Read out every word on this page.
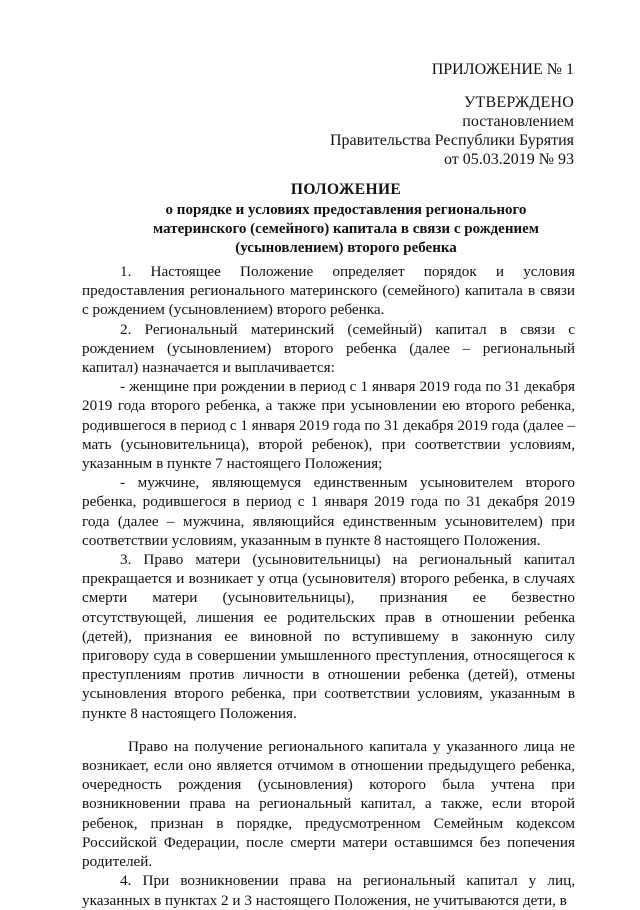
ПРИЛОЖЕНИЕ № 1
УТВЕРЖДЕНО
постановлением
Правительства Республики Бурятия
от 05.03.2019 № 93
ПОЛОЖЕНИЕ
о порядке и условиях предоставления регионального
материнского (семейного) капитала в связи с рождением
(усыновлением) второго ребенка

1. Настоящее Положение определяет порядок и условия предоставления регионального материнского (семейного) капитала в связи с рождением (усыновлением) второго ребенка.

2. Региональный материнский (семейный) капитал в связи с рождением (усыновлением) второго ребенка (далее – региональный капитал) назначается и выплачивается:

- женщине при рождении в период с 1 января 2019 года по 31 декабря 2019 года второго ребенка, а также при усыновлении ею второго ребенка, родившегося в период с 1 января 2019 года по 31 декабря 2019 года (далее – мать (усыновительница), второй ребенок), при соответствии условиям, указанным в пункте 7 настоящего Положения;

- мужчине, являющемуся единственным усыновителем второго ребенка, родившегося в период с 1 января 2019 года по 31 декабря 2019 года (далее – мужчина, являющийся единственным усыновителем) при соответствии условиям, указанным в пункте 8 настоящего Положения.

3. Право матери (усыновительницы) на региональный капитал прекращается и возникает у отца (усыновителя) второго ребенка, в случаях смерти матери (усыновительницы), признания ее безвестно отсутствующей, лишения ее родительских прав в отношении ребенка (детей), признания ее виновной по вступившему в законную силу приговору суда в совершении умышленного преступления, относящегося к преступлениям против личности в отношении ребенка (детей), отмены усыновления второго ребенка, при соответствии условиям, указанным в пункте 8 настоящего Положения.

Право на получение регионального капитала у указанного лица не возникает, если оно является отчимом в отношении предыдущего ребенка, очередность рождения (усыновления) которого была учтена при возникновении права на региональный капитал, а также, если второй ребенок, признан в порядке, предусмотренном Семейным кодексом Российской Федерации, после смерти матери оставшимся без попечения родителей.

4. При возникновении права на региональный капитал у лиц, указанных в пунктах 2 и 3 настоящего Положения, не учитываются дети, в
